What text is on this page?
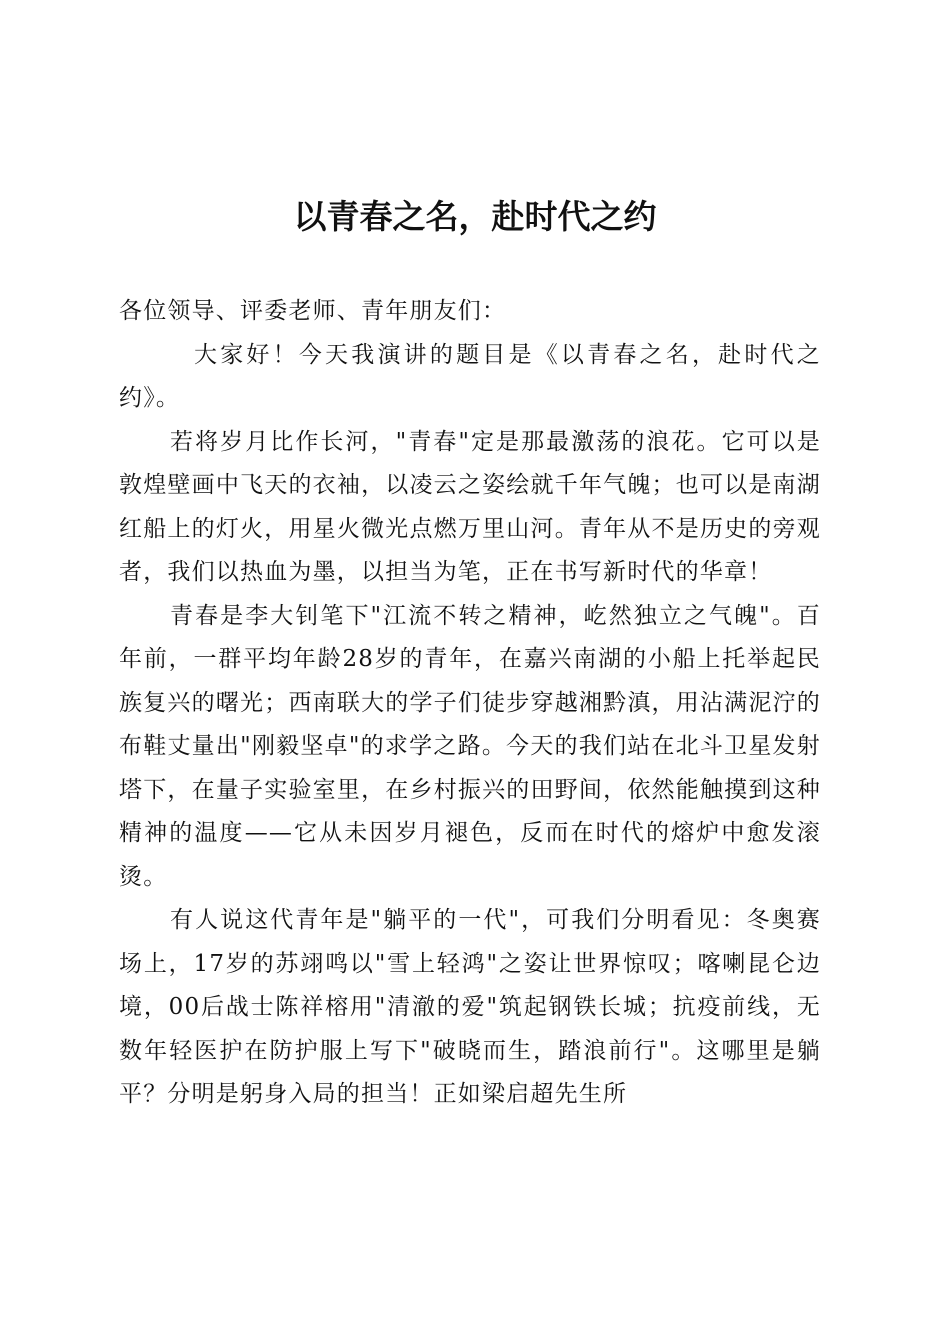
以青春之名，赴时代之约

各位领导、评委老师、青年朋友们：

大家好！今天我演讲的题目是《以青春之名，赴时代之约》。

若将岁月比作长河，"青春"定是那最激荡的浪花。它可以是敦煌壁画中飞天的衣袖，以凌云之姿绘就千年气魄；也可以是南湖红船上的灯火，用星火微光点燃万里山河。青年从不是历史的旁观者，我们以热血为墨，以担当为笔，正在书写新时代的华章！

青春是李大钊笔下"江流不转之精神，屹然独立之气魄"。百年前，一群平均年龄28岁的青年，在嘉兴南湖的小船上托举起民族复兴的曙光；西南联大的学子们徒步穿越湘黔滇，用沾满泥泞的布鞋丈量出"刚毅坚卓"的求学之路。今天的我们站在北斗卫星发射塔下，在量子实验室里，在乡村振兴的田野间，依然能触摸到这种精神的温度——它从未因岁月褪色，反而在时代的熔炉中愈发滚烫。

有人说这代青年是"躺平的一代"，可我们分明看见：冬奥赛场上，17岁的苏翊鸣以"雪上轻鸿"之姿让世界惊叹；喀喇昆仑边境，00后战士陈祥榕用"清澈的爱"筑起钢铁长城；抗疫前线，无数年轻医护在防护服上写下"破晓而生，踏浪前行"。这哪里是躺平？分明是躬身入局的担当！正如梁启超先生所
